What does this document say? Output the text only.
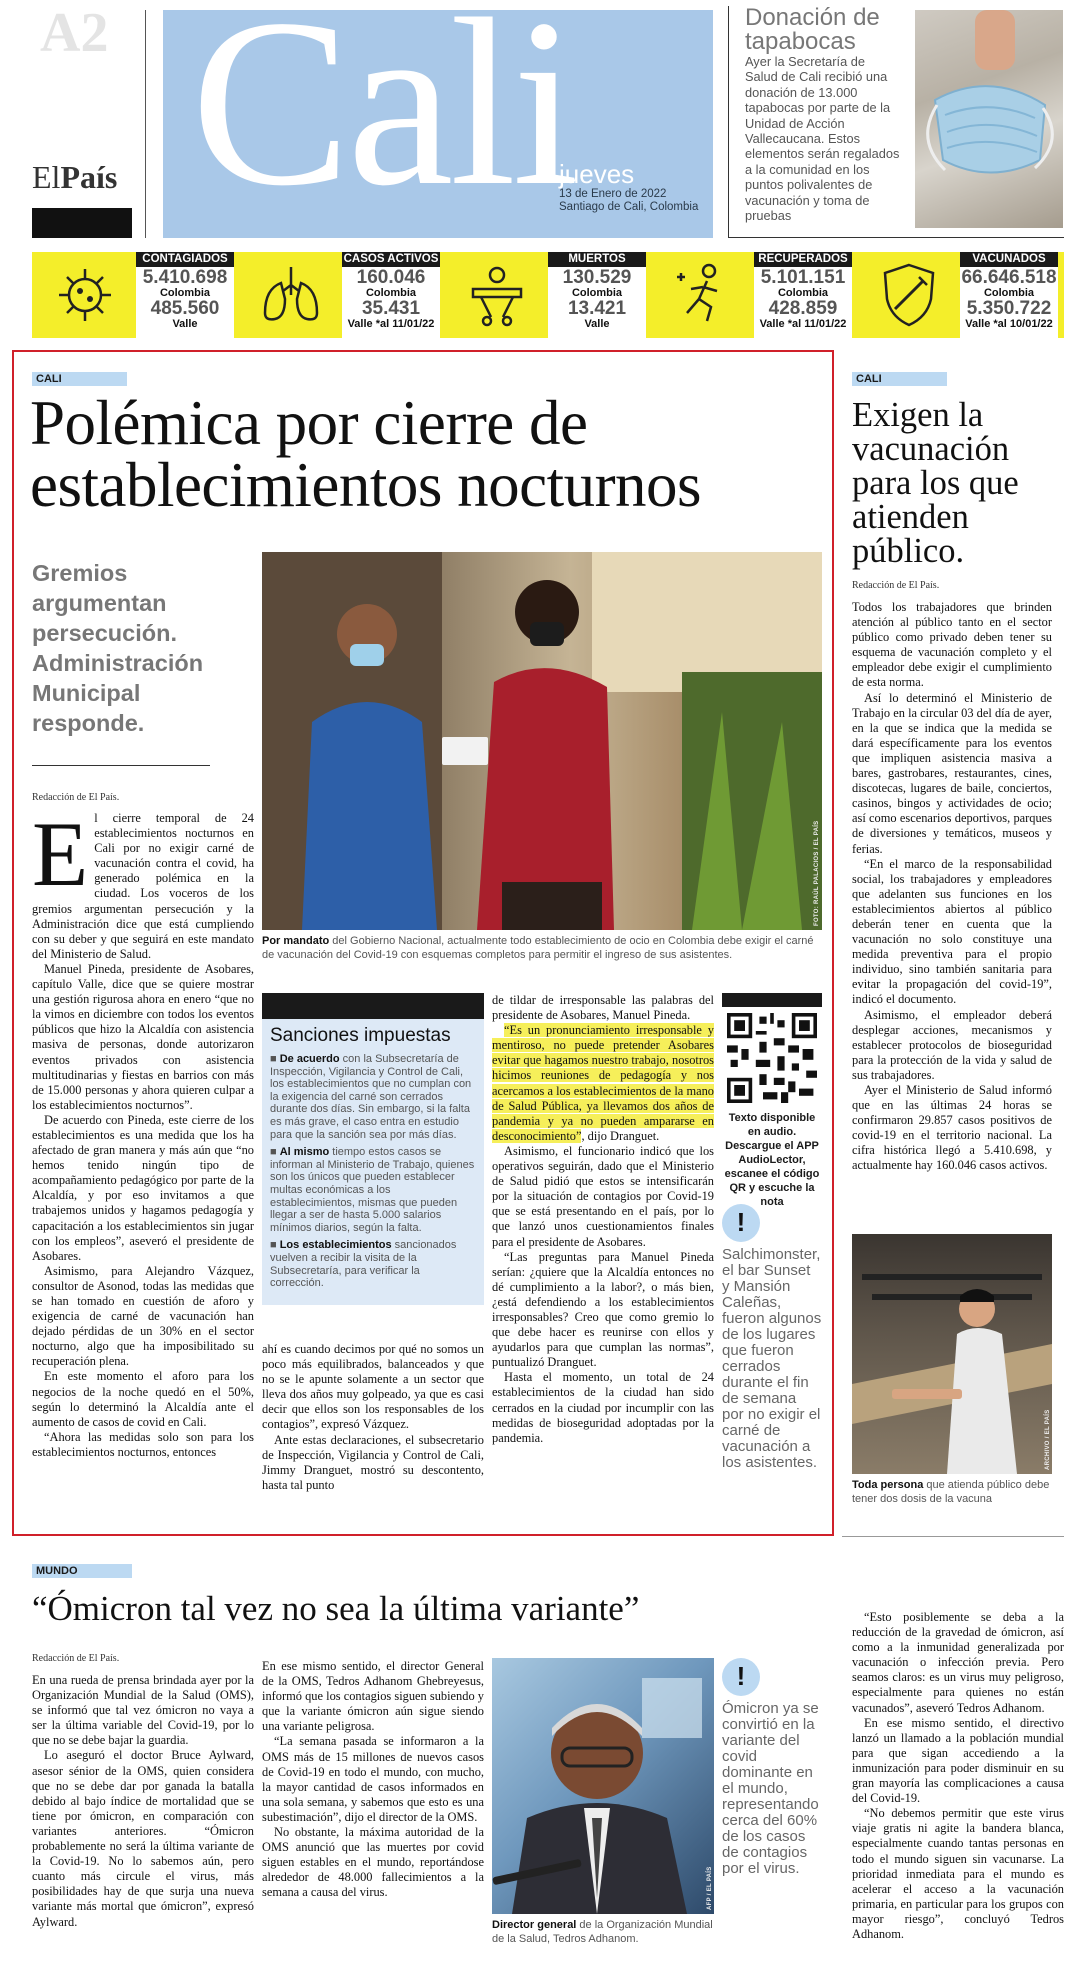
A2
ElPaís Cali
jueves
13 de Enero de 2022
Santiago de Cali, Colombia
Donación de tapabocas
Ayer la Secretaría de Salud de Cali recibió una donación de 13.000 tapabocas por parte de la Unidad de Acción Vallecaucana. Estos elementos serán regalados a la comunidad en los puntos polivalentes de vacunación y toma de pruebas
CONTAGIADOS
5.410.698
Colombia
485.560
Valle
CASOS ACTIVOS
160.046
Colombia
35.431
Valle *al 11/01/22
MUERTOS
130.529
Colombia
13.421
Valle
RECUPERADOS
5.101.151
Colombia
428.859
Valle *al 11/01/22
VACUNADOS
66.646.518
Colombia
5.350.722
Valle *al 10/01/22
CALI
Polémica por cierre de
establecimientos nocturnos
Gremios argumentan persecución. Administración Municipal responde.
Redacción de El País.
E l cierre temporal de 24 establecimientos nocturnos en Cali por no exigir carné de vacunación contra el covid, ha generado polémica en la ciudad. Los voceros de los gremios argumentan persecución y la Administración dice que está cumpliendo con su deber y que seguirá en este mandato del Ministerio de Salud.

Manuel Pineda, presidente de Asobares, capítulo Valle, dice que se quiere mostrar una gestión rigurosa ahora en enero “que no la vimos en diciembre con todos los eventos públicos que hizo la Alcaldía con asistencia masiva de personas, donde autorizaron eventos privados con asistencia multitudinarias y fiestas en barrios con más de 15.000 personas y ahora quieren culpar a los establecimientos nocturnos”.

De acuerdo con Pineda, este cierre de los establecimientos es una medida que los ha afectado de gran manera y más aún que “no hemos tenido ningún tipo de acompañamiento pedagógico por parte de la Alcaldía, y por eso invitamos a que trabajemos unidos y hagamos pedagogía y capacitación a los establecimientos sin jugar con los empleos”, aseveró el presidente de Asobares.

Asimismo, para Alejandro Vázquez, consultor de Asonod, todas las medidas que se han tomado en cuestión de aforo y exigencia de carné de vacunación han dejado pérdidas de un 30% en el sector nocturno, algo que ha imposibilitado su recuperación plena.

En este momento el aforo para los negocios de la noche quedó en el 50%, según lo determinó la Alcaldía ante el aumento de casos de covid en Cali.

“Ahora las medidas solo son para los establecimientos nocturnos, entonces

FOTO: RAÚL PALACIOS / EL PAÍS
Por mandato del Gobierno Nacional, actualmente todo establecimiento de ocio en Colombia debe exigir el carné de vacunación del Covid-19 con esquemas completos para permitir el ingreso de sus asistentes.
Sanciones impuestas
■ De acuerdo con la Subsecretaría de Inspección, Vigilancia y Control de Cali, los establecimientos que no cumplan con la exigencia del carné son cerrados durante dos días. Sin embargo, si la falta es más grave, el caso entra en estudio para que la sanción sea por más días.
■ Al mismo tiempo estos casos se informan al Ministerio de Trabajo, quienes son los únicos que pueden establecer multas económicas a los establecimientos, mismas que pueden llegar a ser de hasta 5.000 salarios mínimos diarios, según la falta.
■ Los establecimientos sancionados vuelven a recibir la visita de la Subsecretaría, para verificar la corrección.

ahí es cuando decimos por qué no somos un poco más equilibrados, balanceados y que no se le apunte solamente a un sector que lleva dos años muy golpeado, ya que es casi decir que ellos son los responsables de los contagios”, expresó Vázquez.

Ante estas declaraciones, el subsecretario de Inspección, Vigilancia y Control de Cali, Jimmy Dranguet, mostró su descontento, hasta tal punto

de tildar de irresponsable las palabras del presidente de Asobares, Manuel Pineda.

“Es un pronunciamiento irresponsable y mentiroso, no puede pretender Asobares evitar que hagamos nuestro trabajo, nosotros hicimos reuniones de pedagogía y nos acercamos a los establecimientos de la mano de Salud Pública, ya llevamos dos años de pandemia y ya no pueden ampararse en desconocimiento”, dijo Dranguet.

Asimismo, el funcionario indicó que los operativos seguirán, dado que el Ministerio de Salud pidió que estos se intensificarán por la situación de contagios por Covid-19 que se está presentando en el país, por lo que lanzó unos cuestionamientos finales para el presidente de Asobares.

“Las preguntas para Manuel Pineda serían: ¿quiere que la Alcaldía entonces no dé cumplimiento a la labor?, o más bien, ¿está defendiendo a los establecimientos irresponsables? Creo que como gremio lo que debe hacer es reunirse con ellos y ayudarlos para que cumplan las normas”, puntualizó Dranguet.

Hasta el momento, un total de 24 establecimientos de la ciudad han sido cerrados en la ciudad por incumplir con las medidas de bioseguridad adoptadas por la pandemia.

Texto disponible en audio. Descargue el APP AudioLector, escanee el código QR y escuche la nota
!
Salchimonster, el bar Sunset y Mansión Caleñas, fueron algunos de los lugares que fueron cerrados durante el fin de semana por no exigir el carné de vacunación a los asistentes.
CALI
Exigen la vacunación para los que atienden público.
Redacción de El País.

Todos los trabajadores que brinden atención al público tanto en el sector público como privado deben tener su esquema de vacunación completo y el empleador debe exigir el cumplimiento de esta norma.

Así lo determinó el Ministerio de Trabajo en la circular 03 del día de ayer, en la que se indica que la medida se dará específicamente para los eventos que impliquen asistencia masiva a bares, gastrobares, restaurantes, cines, discotecas, lugares de baile, conciertos, casinos, bingos y actividades de ocio; así como escenarios deportivos, parques de diversiones y temáticos, museos y ferias.

“En el marco de la responsabilidad social, los trabajadores y empleadores que adelanten sus funciones en los establecimientos abiertos al público deberán tener en cuenta que la vacunación no solo constituye una medida preventiva para el propio individuo, sino también sanitaria para evitar la propagación del covid-19”, indicó el documento.

Asimismo, el empleador deberá desplegar acciones, mecanismos y establecer protocolos de bioseguridad para la protección de la vida y salud de sus trabajadores.

Ayer el Ministerio de Salud informó que en las últimas 24 horas se confirmaron 29.857 casos positivos de covid-19 en el territorio nacional. La cifra histórica llegó a 5.410.698, y actualmente hay 160.046 casos activos.

ARCHIVO / EL PAÍS
Toda persona que atienda público debe tener dos dosis de la vacuna
MUNDO
“Ómicron tal vez no sea la última variante”
Redacción de El País.

En una rueda de prensa brindada ayer por la Organización Mundial de la Salud (OMS), se informó que tal vez ómicron no vaya a ser la última variable del Covid-19, por lo que no se debe bajar la guardia.

Lo aseguró el doctor Bruce Aylward, asesor sénior de la OMS, quien considera que no se debe dar por ganada la batalla debido al bajo índice de mortalidad que se tiene por ómicron, en comparación con variantes anteriores. “Ómicron probablemente no será la última variante de la Covid-19. No lo sabemos aún, pero cuanto más circule el virus, más posibilidades hay de que surja una nueva variante más mortal que ómicron”, expresó Aylward.

En ese mismo sentido, el director General de la OMS, Tedros Adhanom Ghebreyesus, informó que los contagios siguen subiendo y que la variante ómicron aún sigue siendo una variante peligrosa.

“La semana pasada se informaron a la OMS más de 15 millones de nuevos casos de Covid-19 en todo el mundo, con mucho, la mayor cantidad de casos informados en una sola semana, y sabemos que esto es una subestimación”, dijo el director de la OMS.

No obstante, la máxima autoridad de la OMS anunció que las muertes por covid siguen estables en el mundo, reportándose alrededor de 48.000 fallecimientos a la semana a causa del virus.	AFP / EL PAÍS
Director general de la Organización Mundial de la Salud, Tedros Adhanom.
!
Ómicron ya se convirtió en la variante del covid dominante en el mundo, representando cerca del 60% de los casos de contagios por el virus.

“Esto posiblemente se deba a la reducción de la gravedad de ómicron, así como a la inmunidad generalizada por vacunación o infección previa. Pero seamos claros: es un virus muy peligroso, especialmente para quienes no están vacunados”, aseveró Tedros Adhanom.

En ese mismo sentido, el directivo lanzó un llamado a la población mundial para que sigan accediendo a la inmunización para poder disminuir en su gran mayoría las complicaciones a causa del Covid-19.

“No debemos permitir que este virus viaje gratis ni agite la bandera blanca, especialmente cuando tantas personas en todo el mundo siguen sin vacunarse. La prioridad inmediata para el mundo es acelerar el acceso a la vacunación primaria, en particular para los grupos con mayor riesgo”, concluyó Tedros Adhanom.
